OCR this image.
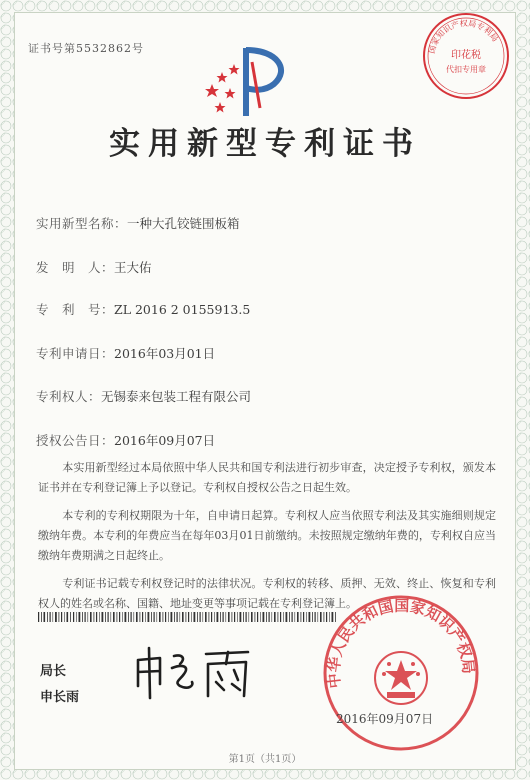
证书号第5532862号	国家知识产权局专利局
印花税
代扣专用章
实用新型专利证书
实用新型名称：一种大孔铰链围板箱
发　明　人：王大佑
专　利　号：ZL 2016 2 0155913.5
专利申请日：2016年03月01日
专利权人：无锡泰来包装工程有限公司
授权公告日：2016年09月07日

本实用新型经过本局依照中华人民共和国专利法进行初步审查，决定授予专利权，颁发本证书并在专利登记簿上予以登记。专利权自授权公告之日起生效。

本专利的专利权期限为十年，自申请日起算。专利权人应当依照专利法及其实施细则规定缴纳年费。本专利的年费应当在每年03月01日前缴纳。未按照规定缴纳年费的，专利权自应当缴纳年费期满之日起终止。

专利证书记载专利权登记时的法律状况。专利权的转移、质押、无效、终止、恢复和专利权人的姓名或名称、国籍、地址变更等事项记载在专利登记簿上。

局长
申长雨
中华人民共和国国家知识产权局
2016年09月07日
第1页（共1页）
